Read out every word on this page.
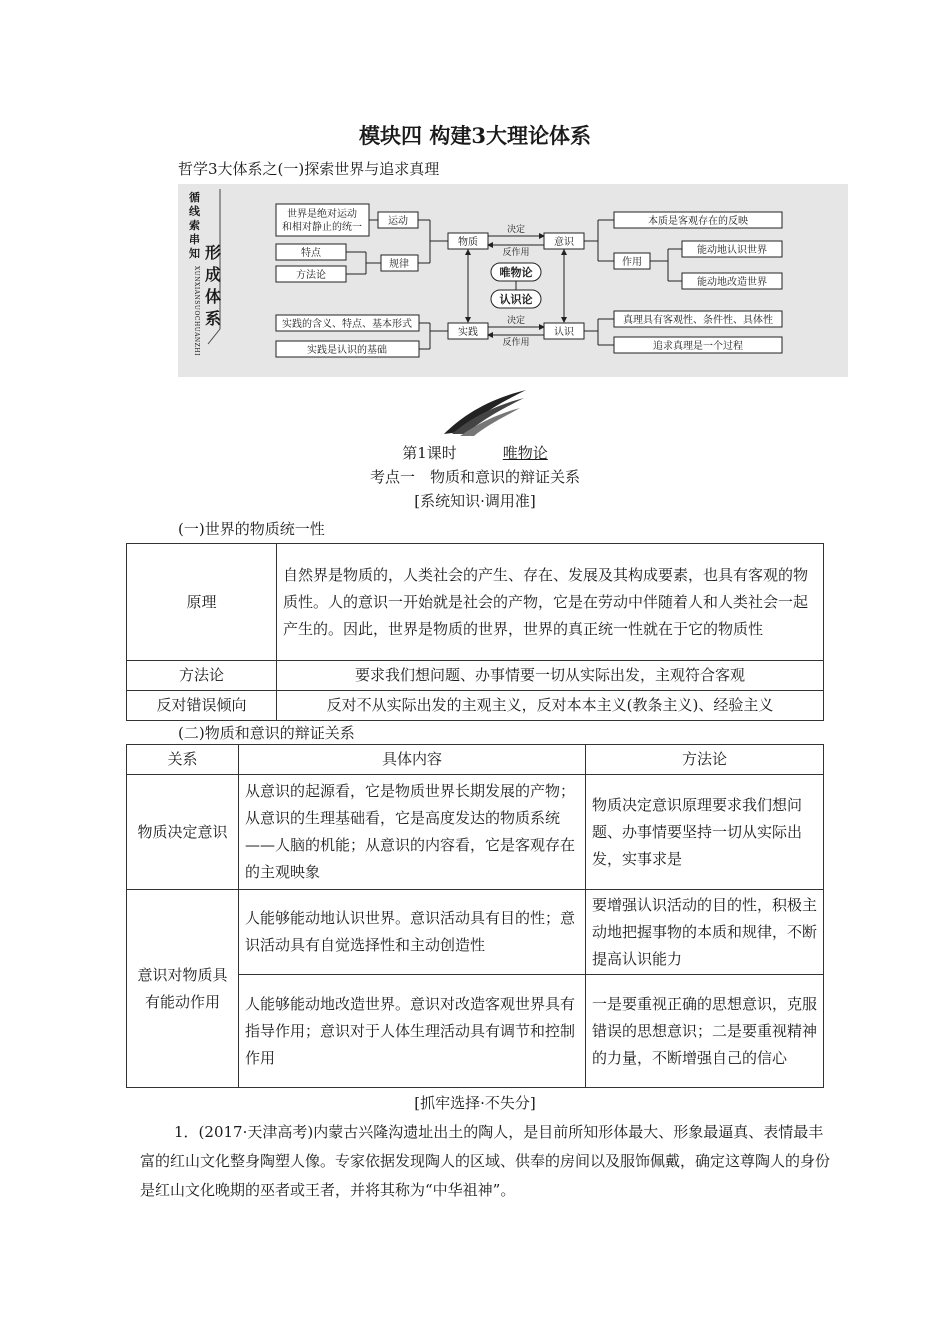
模块四 构建3大理论体系
哲学3大体系之(一)探索世界与追求真理
循
线
索
串
知
XUNXIANSUOCHUANZHI
形
成
体
系
世界是绝对运动
和相对静止的统一
特点
方法论
运动
规律
物质
决定
反作用
意识
唯物论
认识论
本质是客观存在的反映
作用
能动地认识世界
能动地改造世界
实践的含义、特点、基本形式
实践是认识的基础
实践
决定
反作用
认识
真理具有客观性、条件性、具体性
追求真理是一个过程
第1课时	唯物论
考点一　物质和意识的辩证关系
[系统知识·调用准]
(一)世界的物质统一性
原理	自然界是物质的，人类社会的产生、存在、发展及其构成要素，也具有客观的物质性。人的意识一开始就是社会的产物，它是在劳动中伴随着人和人类社会一起产生的。因此，世界是物质的世界，世界的真正统一性就在于它的物质性
方法论	要求我们想问题、办事情要一切从实际出发，主观符合客观
反对错误倾向	反对不从实际出发的主观主义，反对本本主义(教条主义)、经验主义
(二)物质和意识的辩证关系
关系	具体内容	方法论
物质决定意识	从意识的起源看，它是物质世界长期发展的产物；从意识的生理基础看，它是高度发达的物质系统——人脑的机能；从意识的内容看，它是客观存在的主观映象	物质决定意识原理要求我们想问题、办事情要坚持一切从实际出发，实事求是
意识对物质具有能动作用	人能够能动地认识世界。意识活动具有目的性；意识活动具有自觉选择性和主动创造性	要增强认识活动的目的性，积极主动地把握事物的本质和规律，不断提高认识能力
	人能够能动地改造世界。意识对改造客观世界具有指导作用；意识对于人体生理活动具有调节和控制作用	一是要重视正确的思想意识，克服错误的思想意识；二是要重视精神的力量，不断增强自己的信心
[抓牢选择·不失分]
1．(2017·天津高考)内蒙古兴隆沟遗址出土的陶人，是目前所知形体最大、形象最逼真、表情最丰富的红山文化整身陶塑人像。专家依据发现陶人的区域、供奉的房间以及服饰佩戴，确定这尊陶人的身份是红山文化晚期的巫者或王者，并将其称为“中华祖神”。
